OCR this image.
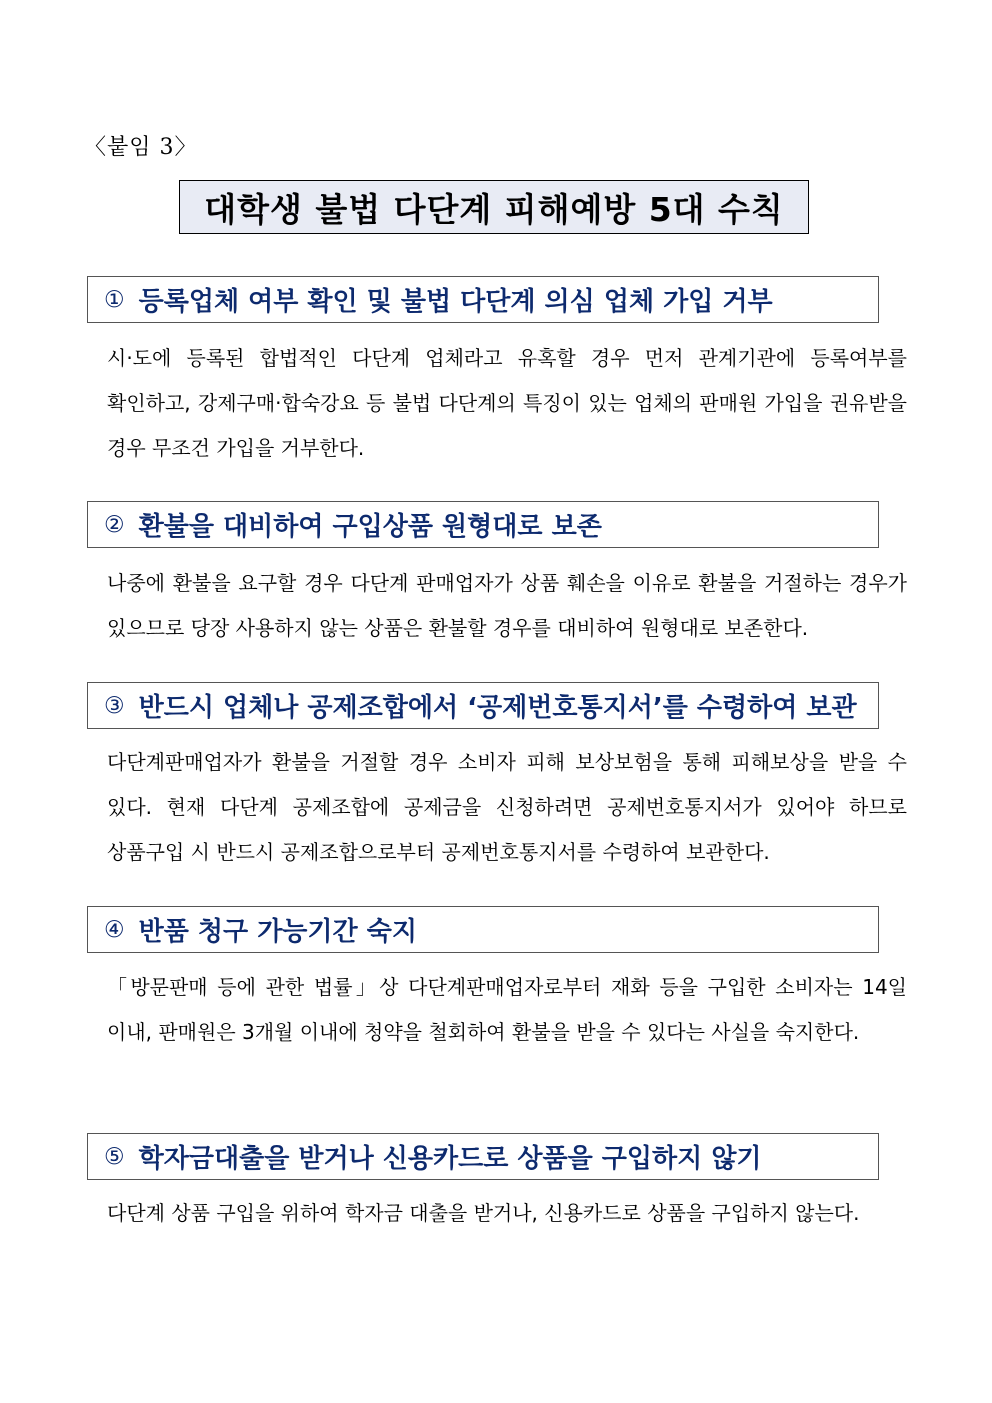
〈붙임 3〉
대학생 불법 다단계 피해예방 5대 수칙
① 등록업체 여부 확인 및 불법 다단계 의심 업체 가입 거부
시·도에 등록된 합법적인 다단계 업체라고 유혹할 경우 먼저 관계기관에 등록여부를 확인하고, 강제구매·합숙강요 등 불법 다단계의 특징이 있는 업체의 판매원 가입을 권유받을 경우 무조건 가입을 거부한다.
② 환불을 대비하여 구입상품 원형대로 보존
나중에 환불을 요구할 경우 다단계 판매업자가 상품 훼손을 이유로 환불을 거절하는 경우가 있으므로 당장 사용하지 않는 상품은 환불할 경우를 대비하여 원형대로 보존한다.
③ 반드시 업체나 공제조합에서 ‘공제번호통지서’를 수령하여 보관
다단계판매업자가 환불을 거절할 경우 소비자 피해 보상보험을 통해 피해보상을 받을 수 있다. 현재 다단계 공제조합에 공제금을 신청하려면 공제번호통지서가 있어야 하므로 상품구입 시 반드시 공제조합으로부터 공제번호통지서를 수령하여 보관한다.
④ 반품 청구 가능기간 숙지
「방문판매 등에 관한 법률」상 다단계판매업자로부터 재화 등을 구입한 소비자는 14일 이내, 판매원은 3개월 이내에 청약을 철회하여 환불을 받을 수 있다는 사실을 숙지한다.
⑤ 학자금대출을 받거나 신용카드로 상품을 구입하지 않기
다단계 상품 구입을 위하여 학자금 대출을 받거나, 신용카드로 상품을 구입하지 않는다.
